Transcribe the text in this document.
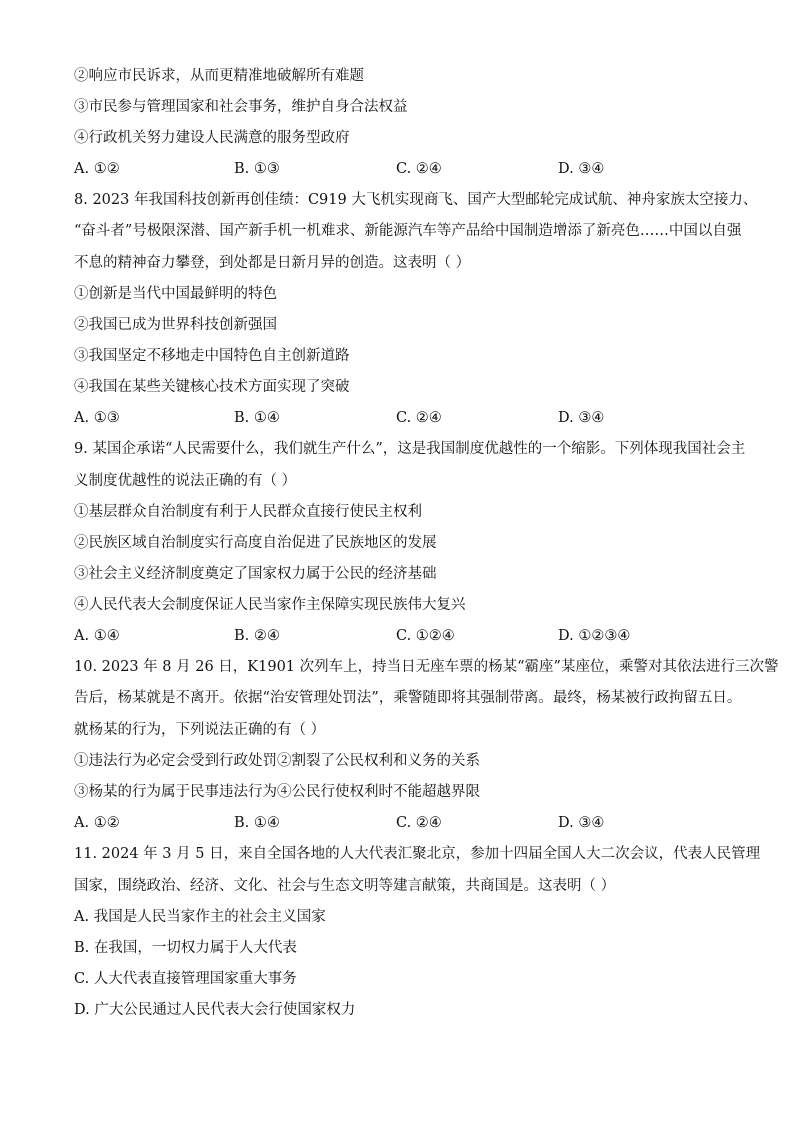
②响应市民诉求，从而更精准地破解所有难题
③市民参与管理国家和社会事务，维护自身合法权益
④行政机关努力建设人民满意的服务型政府
A. ①②	B. ①③	C. ②④	D. ③④
8. 2023 年我国科技创新再创佳绩：C919 大飞机实现商飞、国产大型邮轮完成试航、神舟家族太空接力、
“奋斗者”号极限深潜、国产新手机一机难求、新能源汽车等产品给中国制造增添了新亮色……中国以自强
不息的精神奋力攀登，到处都是日新月异的创造。这表明（ ）
①创新是当代中国最鲜明的特色
②我国已成为世界科技创新强国
③我国坚定不移地走中国特色自主创新道路
④我国在某些关键核心技术方面实现了突破
A. ①③	B. ①④	C. ②④	D. ③④
9. 某国企承诺“人民需要什么，我们就生产什么”，这是我国制度优越性的一个缩影。下列体现我国社会主
义制度优越性的说法正确的有（ ）
①基层群众自治制度有利于人民群众直接行使民主权利
②民族区域自治制度实行高度自治促进了民族地区的发展
③社会主义经济制度奠定了国家权力属于公民的经济基础
④人民代表大会制度保证人民当家作主保障实现民族伟大复兴
A. ①④	B. ②④	C. ①②④	D. ①②③④
10. 2023 年 8 月 26 日，K1901 次列车上，持当日无座车票的杨某“霸座”某座位，乘警对其依法进行三次警
告后，杨某就是不离开。依据“治安管理处罚法”，乘警随即将其强制带离。最终，杨某被行政拘留五日。
就杨某的行为，下列说法正确的有（ ）
①违法行为必定会受到行政处罚②割裂了公民权利和义务的关系
③杨某的行为属于民事违法行为④公民行使权利时不能超越界限
A. ①②	B. ①④	C. ②④	D. ③④
11. 2024 年 3 月 5 日，来自全国各地的人大代表汇聚北京，参加十四届全国人大二次会议，代表人民管理
国家，围绕政治、经济、文化、社会与生态文明等建言献策，共商国是。这表明（ ）
A. 我国是人民当家作主的社会主义国家
B. 在我国，一切权力属于人大代表
C. 人大代表直接管理国家重大事务
D. 广大公民通过人民代表大会行使国家权力
